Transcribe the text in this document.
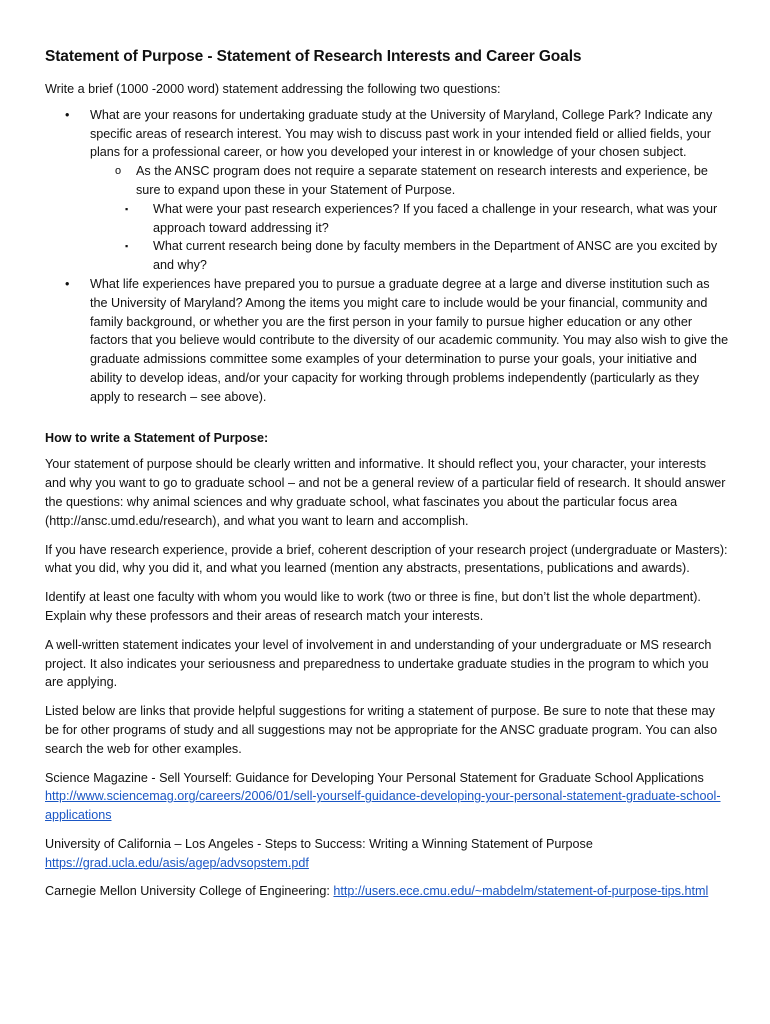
Statement of Purpose - Statement of Research Interests and Career Goals

Write a brief (1000 -2000 word) statement addressing the following two questions:

• What are your reasons for undertaking graduate study at the University of Maryland, College Park? Indicate any specific areas of research interest. You may wish to discuss past work in your intended field or allied fields, your plans for a professional career, or how you developed your interest in or knowledge of your chosen subject.
o As the ANSC program does not require a separate statement on research interests and experience, be sure to expand upon these in your Statement of Purpose.
▪ What were your past research experiences? If you faced a challenge in your research, what was your approach toward addressing it?
▪ What current research being done by faculty members in the Department of ANSC are you excited by and why?
• What life experiences have prepared you to pursue a graduate degree at a large and diverse institution such as the University of Maryland? Among the items you might care to include would be your financial, community and family background, or whether you are the first person in your family to pursue higher education or any other factors that you believe would contribute to the diversity of our academic community. You may also wish to give the graduate admissions committee some examples of your determination to purse your goals, your initiative and ability to develop ideas, and/or your capacity for working through problems independently (particularly as they apply to research – see above).

How to write a Statement of Purpose:

Your statement of purpose should be clearly written and informative. It should reflect you, your character, your interests and why you want to go to graduate school – and not be a general review of a particular field of research. It should answer the questions: why animal sciences and why graduate school, what fascinates you about the particular focus area (http://ansc.umd.edu/research), and what you want to learn and accomplish.

If you have research experience, provide a brief, coherent description of your research project (undergraduate or Masters): what you did, why you did it, and what you learned (mention any abstracts, presentations, publications and awards).

Identify at least one faculty with whom you would like to work (two or three is fine, but don’t list the whole department). Explain why these professors and their areas of research match your interests.

A well-written statement indicates your level of involvement in and understanding of your undergraduate or MS research project. It also indicates your seriousness and preparedness to undertake graduate studies in the program to which you are applying.

Listed below are links that provide helpful suggestions for writing a statement of purpose. Be sure to note that these may be for other programs of study and all suggestions may not be appropriate for the ANSC graduate program. You can also search the web for other examples.

Science Magazine - Sell Yourself: Guidance for Developing Your Personal Statement for Graduate School Applications
http://www.sciencemag.org/careers/2006/01/sell-yourself-guidance-developing-your-personal-statement-graduate-school-applications

University of California – Los Angeles - Steps to Success: Writing a Winning Statement of Purpose
https://grad.ucla.edu/asis/agep/advsopstem.pdf

Carnegie Mellon University College of Engineering: http://users.ece.cmu.edu/~mabdelm/statement-of-purpose-tips.html
